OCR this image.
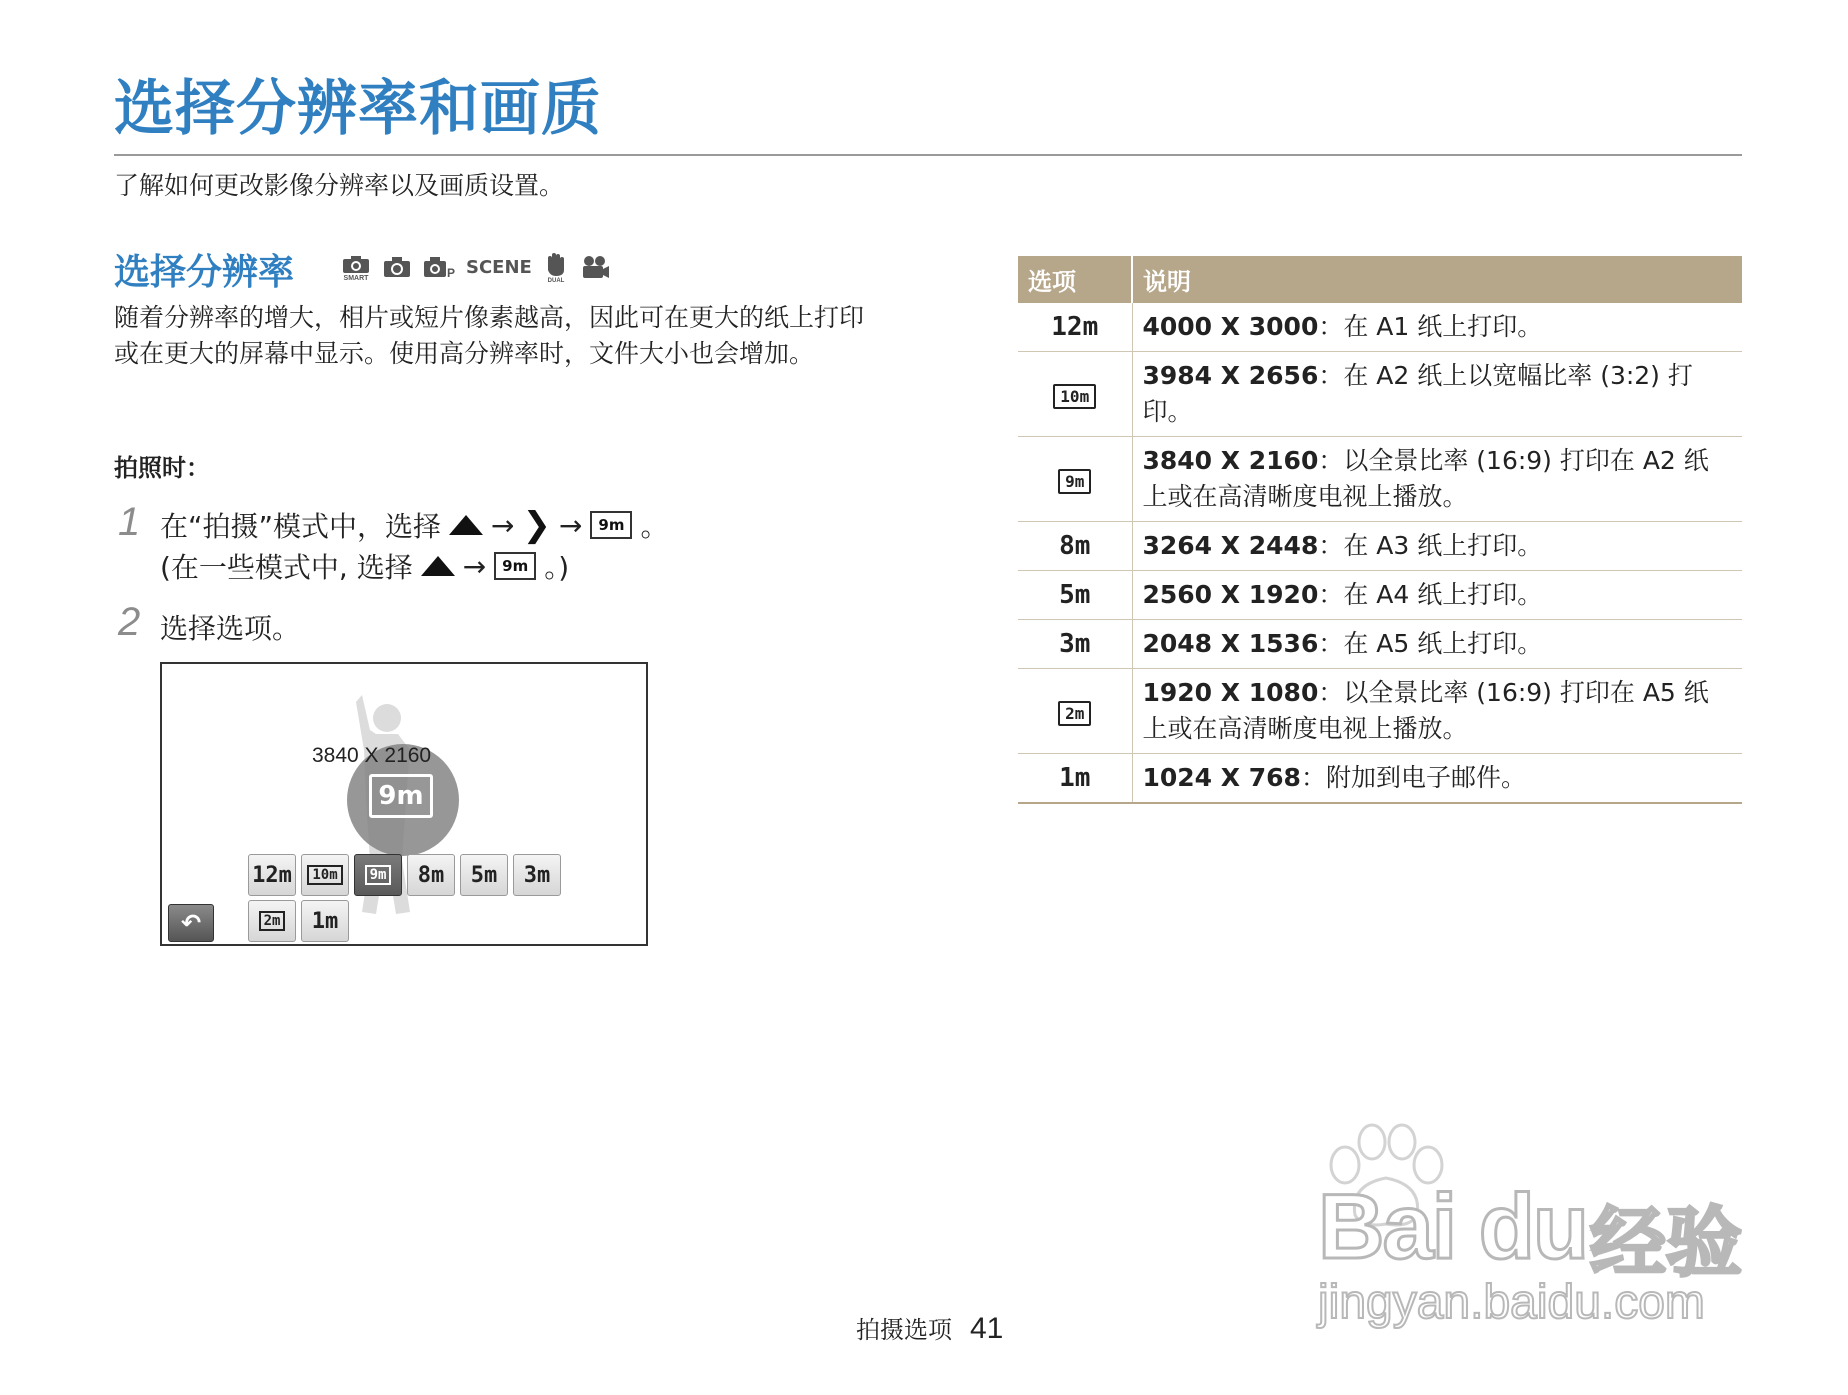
选择分辨率和画质
了解如何更改影像分辨率以及画质设置。
选择分辨率	SMART	P SCENE
DUAL
随着分辨率的增大，相片或短片像素越高，因此可在更大的纸上打印或在更大的屏幕中显示。使用高分辨率时，文件大小也会增加。
拍照时：
1 在“拍摄”模式中，选择 → ❯ →	9m 。
(在一些模式中, 选择 →	9m 。)
2 选择选项。
3840 X 2160
9m
12m	10m	9m	8m	5m	3m
2m	1m
↶
选项	说明
12m	4000 X 3000：在 A1 纸上打印。
10m	3984 X 2656：在 A2 纸上以宽幅比率 (3:2) 打印。
9m	3840 X 2160：以全景比率 (16:9) 打印在 A2 纸上或在高清晰度电视上播放。
8m	3264 X 2448：在 A3 纸上打印。
5m	2560 X 1920：在 A4 纸上打印。
3m	2048 X 1536：在 A5 纸上打印。
2m	1920 X 1080：以全景比率 (16:9) 打印在 A5 纸上或在高清晰度电视上播放。
1m	1024 X 768：附加到电子邮件。
拍摄选项 41
Bai du 经验
jingyan.baidu.com
